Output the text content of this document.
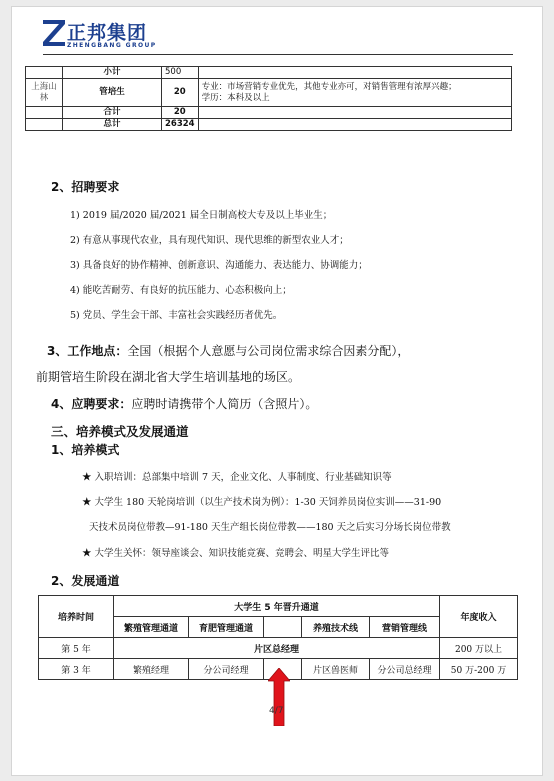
正邦集团
ZHENGBANG GROUP
	小计	500	
上海山林	管培生	20	专业：市场营销专业优先，其他专业亦可，对销售管理有浓厚兴趣；
学历：本科及以上

	合计	20	
	总计	26324	
2、招聘要求
1) 2019 届/2020 届/2021 届全日制高校大专及以上毕业生；
2) 有意从事现代农业，具有现代知识、现代思维的新型农业人才；
3) 具备良好的协作精神、创新意识、沟通能力、表达能力、协调能力；
4) 能吃苦耐劳、有良好的抗压能力、心态积极向上；
5) 党员、学生会干部、丰富社会实践经历者优先。
3、工作地点：全国（根据个人意愿与公司岗位需求综合因素分配），
前期管培生阶段在湖北省大学生培训基地的场区。
4、应聘要求：应聘时请携带个人简历（含照片）。
三、培养模式及发展通道
1、培养模式
★ 入职培训：总部集中培训 7 天，企业文化、人事制度、行业基础知识等
★ 大学生 180 天轮岗培训（以生产技术岗为例）：1-30 天饲养员岗位实训——31-90
天技术员岗位带教—91-180 天生产组长岗位带教——180 天之后实习分场长岗位带教
★ 大学生关怀：领导座谈会、知识技能竞赛、竞聘会、明星大学生评比等
2、发展通道
培养时间	大学生 5 年晋升通道					年度收入
	繁殖管理通道	育肥管理通道		养殖技术线	营销管理线	
第 5 年	片区总经理					200 万以上
第 3 年	繁殖经理	分公司经理		片区兽医师	分公司总经理	50 万-200 万
4/7
